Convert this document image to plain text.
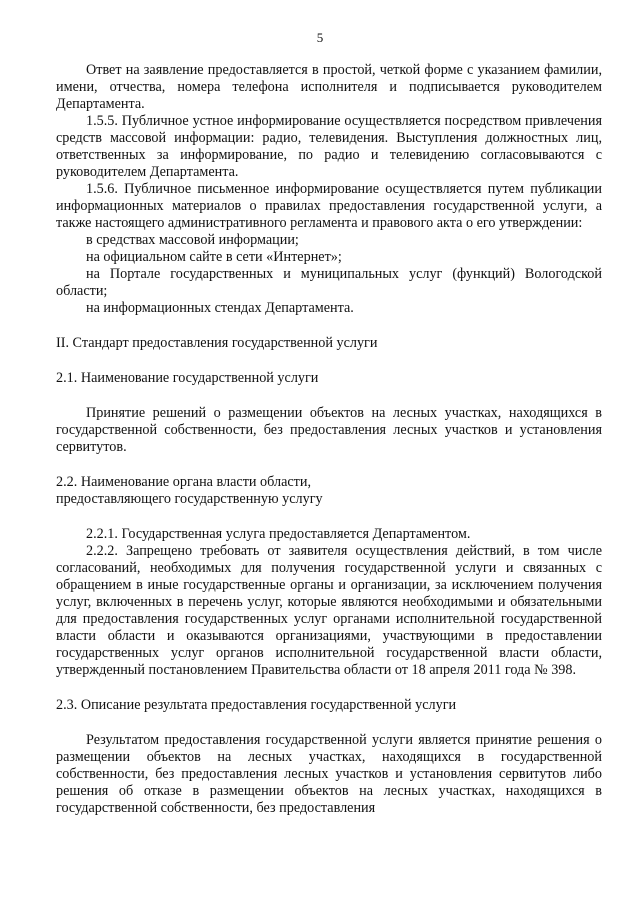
5

Ответ на заявление предоставляется в простой, четкой форме с указанием фамилии, имени, отчества, номера телефона исполнителя и подписывается руководителем Департамента.

1.5.5. Публичное устное информирование осуществляется посредством привлечения средств массовой информации: радио, телевидения. Выступления должностных лиц, ответственных за информирование, по радио и телевидению согласовываются с руководителем Департамента.

1.5.6. Публичное письменное информирование осуществляется путем публикации информационных материалов о правилах предоставления государственной услуги, а также настоящего административного регламента и правового акта о его утверждении:

в средствах массовой информации;

на официальном сайте в сети «Интернет»;

на Портале государственных и муниципальных услуг (функций) Вологодской области;

на информационных стендах Департамента.

II. Стандарт предоставления государственной услуги

2.1. Наименование государственной услуги

Принятие решений о размещении объектов на лесных участках, находящихся в государственной собственности, без предоставления лесных участков и установления сервитутов.

2.2. Наименование органа власти области,

предоставляющего государственную услугу

2.2.1. Государственная услуга предоставляется Департаментом.

2.2.2. Запрещено требовать от заявителя осуществления действий, в том числе согласований, необходимых для получения государственной услуги и связанных с обращением в иные государственные органы и организации, за исключением получения услуг, включенных в перечень услуг, которые являются необходимыми и обязательными для предоставления государственных услуг органами исполнительной государственной власти области и оказываются организациями, участвующими в предоставлении государственных услуг органов исполнительной государственной власти области, утвержденный постановлением Правительства области от 18 апреля 2011 года № 398.

2.3. Описание результата предоставления государственной услуги

Результатом предоставления государственной услуги является принятие решения о размещении объектов на лесных участках, находящихся в государственной собственности, без предоставления лесных участков и установления сервитутов либо решения об отказе в размещении объектов на лесных участках, находящихся в государственной собственности, без предоставления
